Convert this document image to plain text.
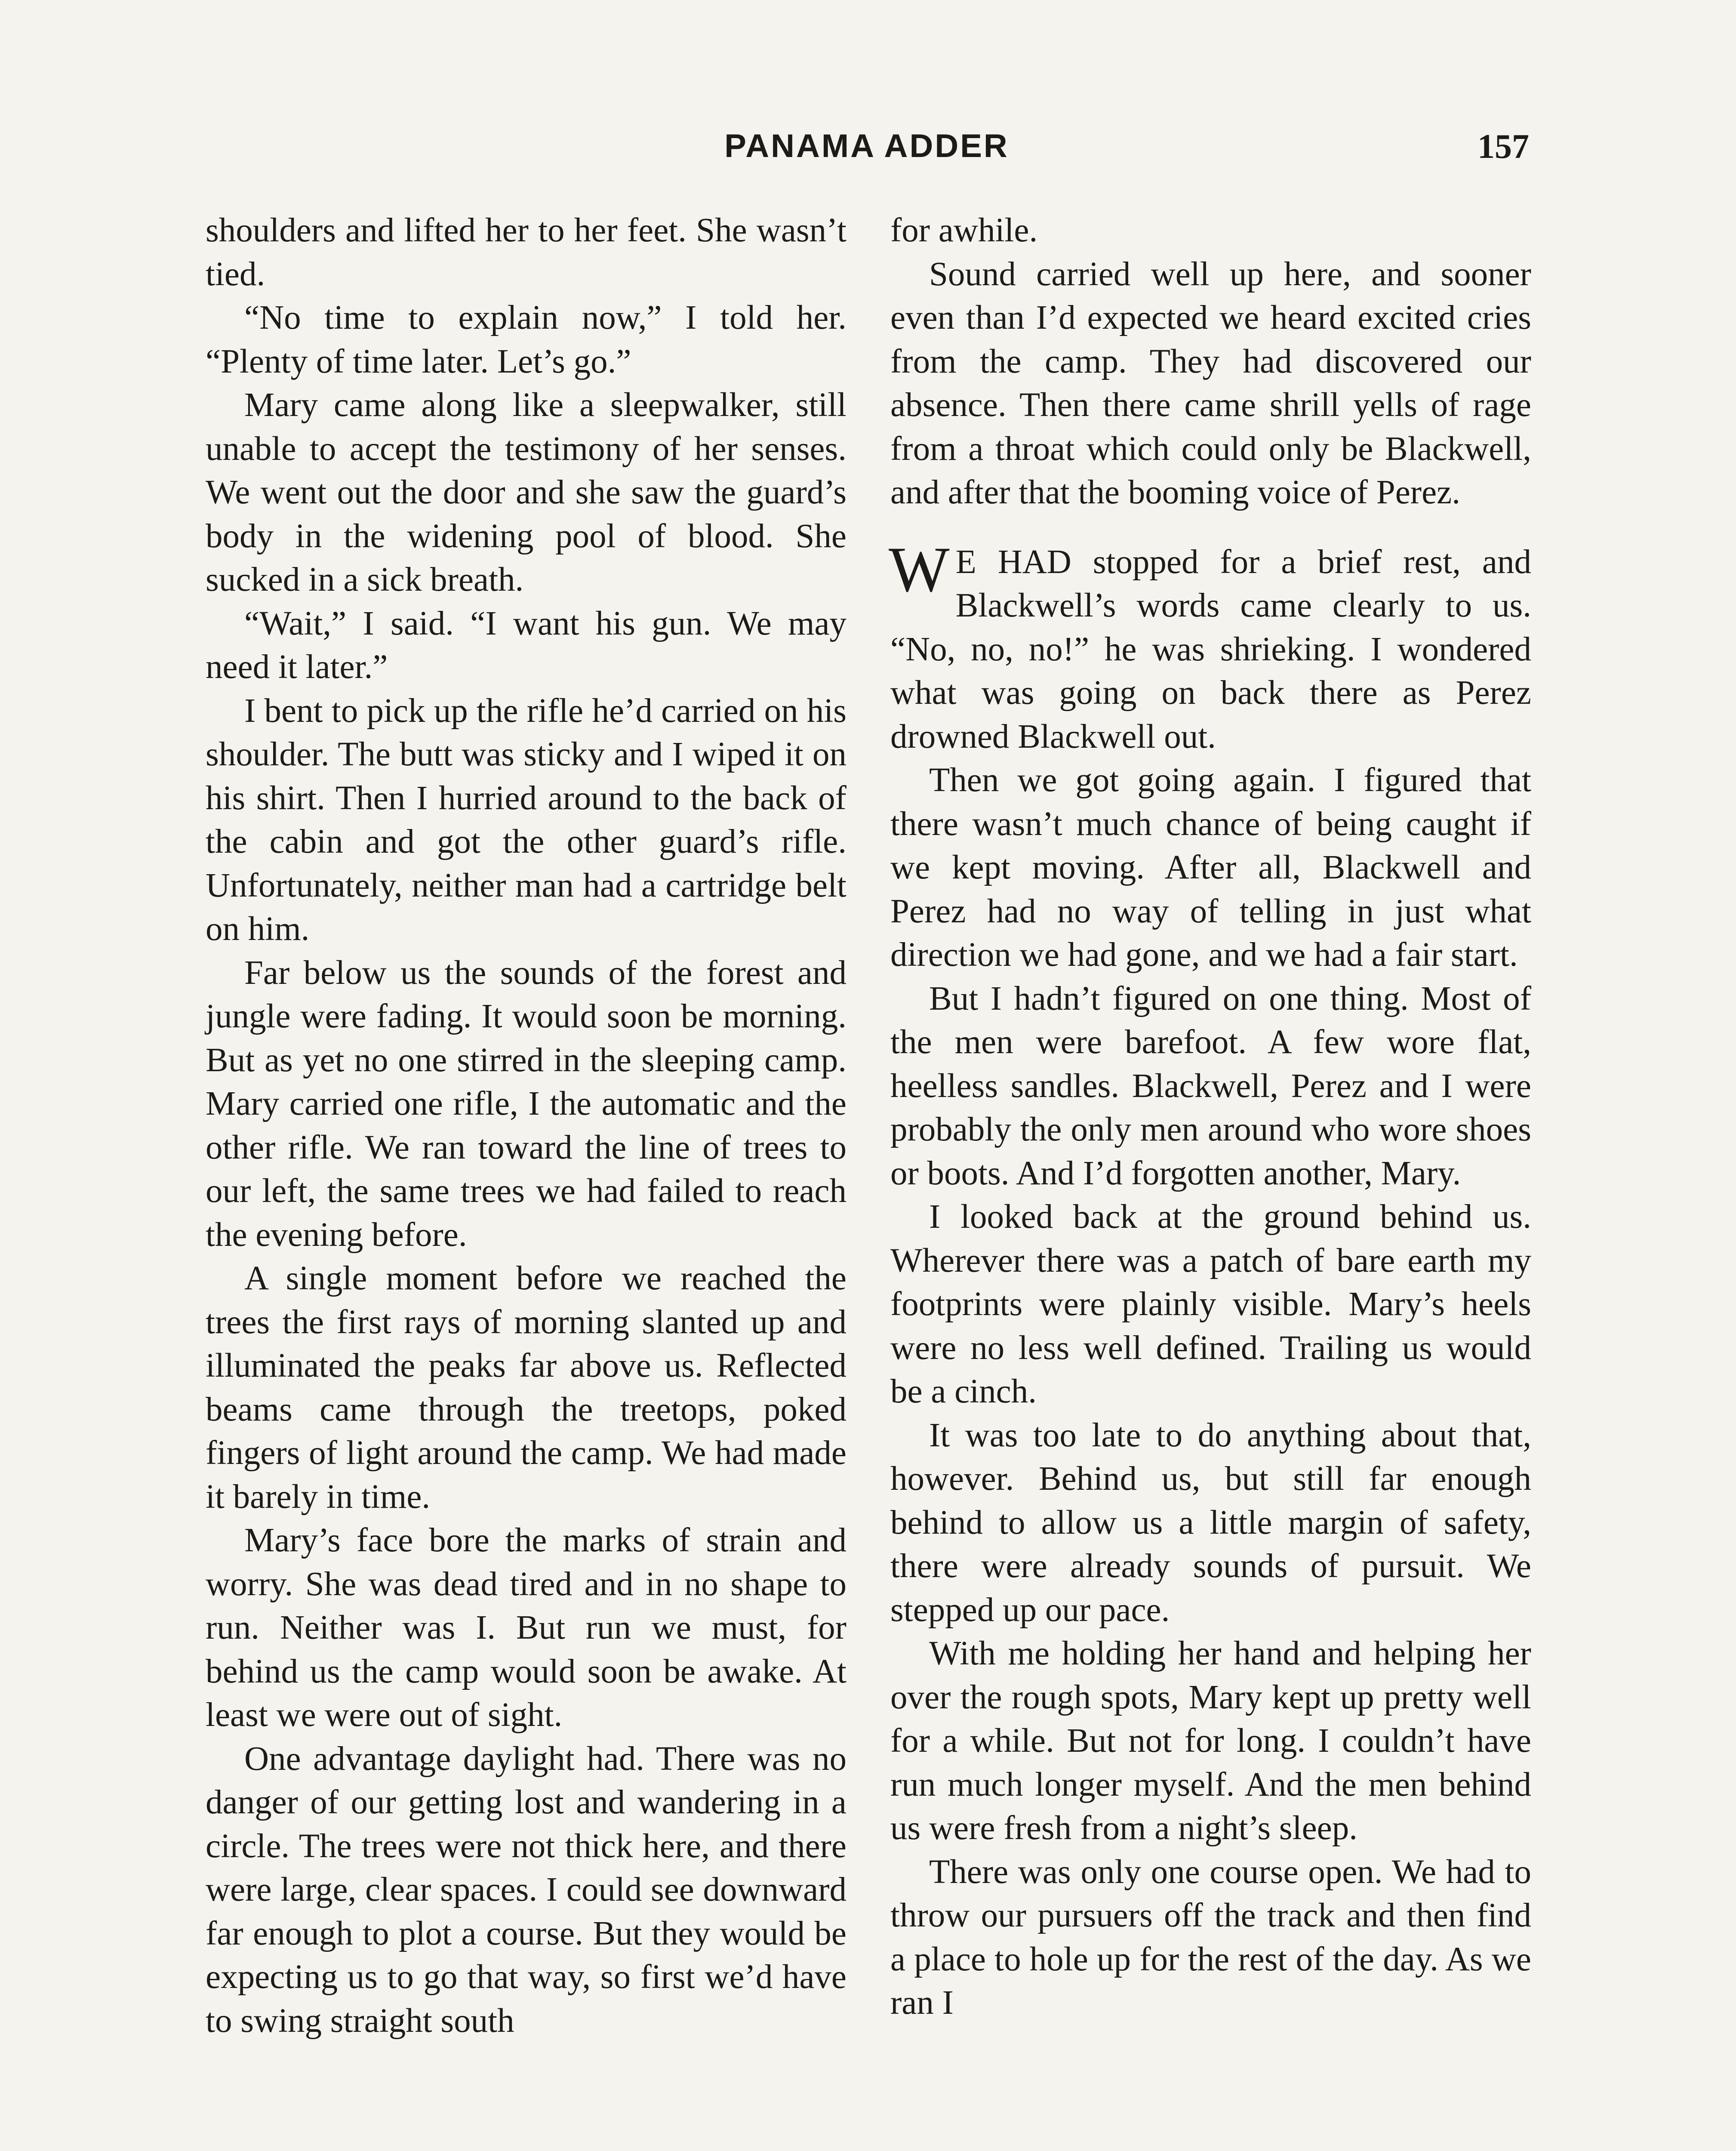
PANAMA ADDER	157

shoulders and lifted her to her feet. She wasn’t tied.

“No time to explain now,” I told her. “Plenty of time later. Let’s go.”

Mary came along like a sleepwalker, still unable to accept the testimony of her senses. We went out the door and she saw the guard’s body in the widening pool of blood. She sucked in a sick breath.

“Wait,” I said. “I want his gun. We may need it later.”

I bent to pick up the rifle he’d carried on his shoulder. The butt was sticky and I wiped it on his shirt. Then I hurried around to the back of the cabin and got the other guard’s rifle. Unfortunately, neither man had a cartridge belt on him.

Far below us the sounds of the forest and jungle were fading. It would soon be morning. But as yet no one stirred in the sleeping camp. Mary carried one rifle, I the automatic and the other rifle. We ran toward the line of trees to our left, the same trees we had failed to reach the evening before.

A single moment before we reached the trees the first rays of morning slanted up and illuminated the peaks far above us. Reflected beams came through the treetops, poked fingers of light around the camp. We had made it barely in time.

Mary’s face bore the marks of strain and worry. She was dead tired and in no shape to run. Neither was I. But run we must, for behind us the camp would soon be awake. At least we were out of sight.

One advantage daylight had. There was no danger of our getting lost and wandering in a circle. The trees were not thick here, and there were large, clear spaces. I could see downward far enough to plot a course. But they would be expecting us to go that way, so first we’d have to swing straight south

for awhile.

Sound carried well up here, and sooner even than I’d expected we heard excited cries from the camp. They had discovered our absence. Then there came shrill yells of rage from a throat which could only be Blackwell, and after that the booming voice of Perez.

W E HAD stopped for a brief rest, and Blackwell’s words came clearly to us. “No, no, no!” he was shrieking. I wondered what was going on back there as Perez drowned Blackwell out.

Then we got going again. I figured that there wasn’t much chance of being caught if we kept moving. After all, Blackwell and Perez had no way of telling in just what direction we had gone, and we had a fair start.

But I hadn’t figured on one thing. Most of the men were barefoot. A few wore flat, heelless sandles. Blackwell, Perez and I were probably the only men around who wore shoes or boots. And I’d forgotten another, Mary.

I looked back at the ground behind us. Wherever there was a patch of bare earth my footprints were plainly visible. Mary’s heels were no less well defined. Trailing us would be a cinch.

It was too late to do anything about that, however. Behind us, but still far enough behind to allow us a little margin of safety, there were already sounds of pursuit. We stepped up our pace.

With me holding her hand and helping her over the rough spots, Mary kept up pretty well for a while. But not for long. I couldn’t have run much longer myself. And the men behind us were fresh from a night’s sleep.

There was only one course open. We had to throw our pursuers off the track and then find a place to hole up for the rest of the day. As we ran I
